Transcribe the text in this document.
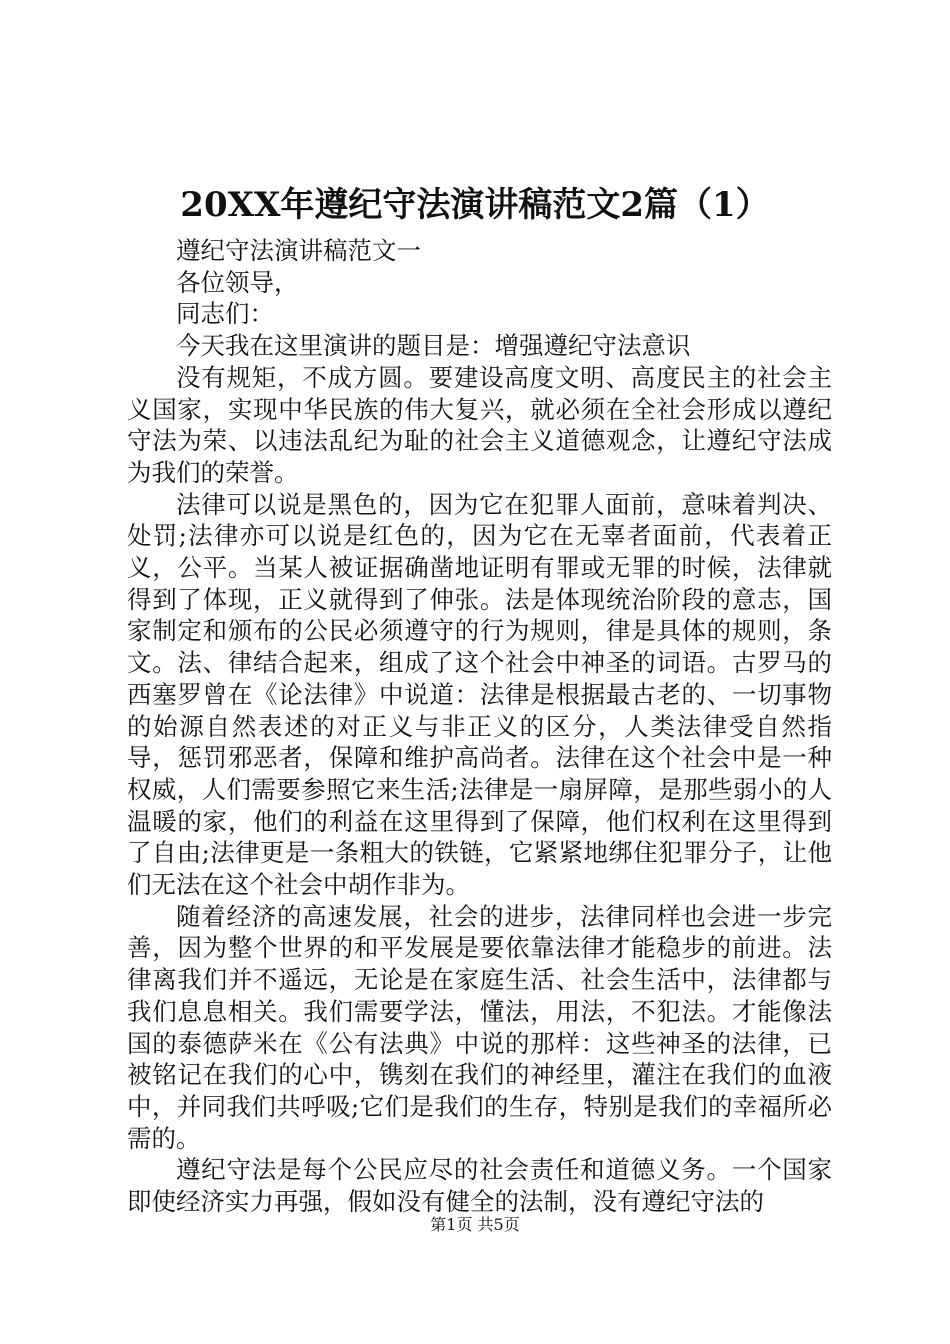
20XX年遵纪守法演讲稿范文2篇（1）

遵纪守法演讲稿范文一

各位领导，

同志们：

今天我在这里演讲的题目是：增强遵纪守法意识

没有规矩，不成方圆。要建设高度文明、高度民主的社会主义国家，实现中华民族的伟大复兴，就必须在全社会形成以遵纪守法为荣、以违法乱纪为耻的社会主义道德观念，让遵纪守法成为我们的荣誉。

法律可以说是黑色的，因为它在犯罪人面前，意味着判决、处罚;法律亦可以说是红色的，因为它在无辜者面前，代表着正义，公平。当某人被证据确凿地证明有罪或无罪的时候，法律就得到了体现，正义就得到了伸张。法是体现统治阶段的意志，国家制定和颁布的公民必须遵守的行为规则，律是具体的规则，条文。法、律结合起来，组成了这个社会中神圣的词语。古罗马的西塞罗曾在《论法律》中说道：法律是根据最古老的、一切事物的始源自然表述的对正义与非正义的区分，人类法律受自然指导，惩罚邪恶者，保障和维护高尚者。法律在这个社会中是一种权威，人们需要参照它来生活;法律是一扇屏障，是那些弱小的人温暖的家，他们的利益在这里得到了保障，他们权利在这里得到了自由;法律更是一条粗大的铁链，它紧紧地绑住犯罪分子，让他们无法在这个社会中胡作非为。

随着经济的高速发展，社会的进步，法律同样也会进一步完善，因为整个世界的和平发展是要依靠法律才能稳步的前进。法律离我们并不遥远，无论是在家庭生活、社会生活中，法律都与我们息息相关。我们需要学法，懂法，用法，不犯法。才能像法国的泰德萨米在《公有法典》中说的那样：这些神圣的法律，已被铭记在我们的心中，镌刻在我们的神经里，灌注在我们的血液中，并同我们共呼吸;它们是我们的生存，特别是我们的幸福所必需的。

遵纪守法是每个公民应尽的社会责任和道德义务。一个国家即使经济实力再强，假如没有健全的法制，没有遵纪守法的

第1页 共5页
